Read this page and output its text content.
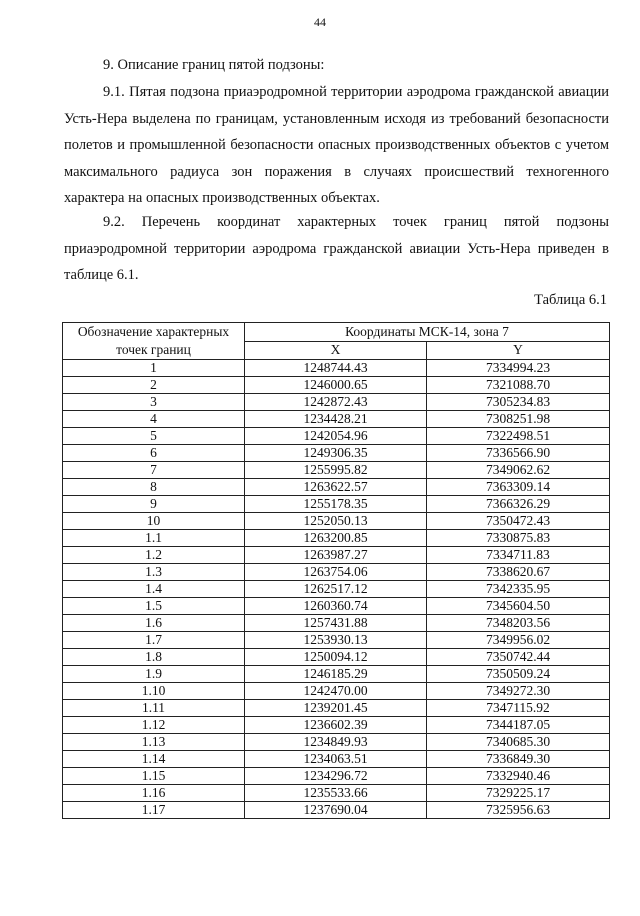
44
9. Описание границ пятой подзоны:
9.1. Пятая подзона приаэродромной территории аэродрома гражданской авиации Усть-Нера выделена по границам, установленным исходя из требований безопасности полетов и промышленной безопасности опасных производственных объектов с учетом максимального радиуса зон поражения в случаях происшествий техногенного характера на опасных производственных объектах.
9.2. Перечень координат характерных точек границ пятой подзоны приаэродромной территории аэродрома гражданской авиации Усть-Нера приведен в таблице 6.1.
Таблица 6.1
Обозначение характерных точек границ	Координаты МСК-14, зона 7	
	X	Y
1	1248744.43	7334994.23
2	1246000.65	7321088.70
3	1242872.43	7305234.83
4	1234428.21	7308251.98
5	1242054.96	7322498.51
6	1249306.35	7336566.90
7	1255995.82	7349062.62
8	1263622.57	7363309.14
9	1255178.35	7366326.29
10	1252050.13	7350472.43
1.1	1263200.85	7330875.83
1.2	1263987.27	7334711.83
1.3	1263754.06	7338620.67
1.4	1262517.12	7342335.95
1.5	1260360.74	7345604.50
1.6	1257431.88	7348203.56
1.7	1253930.13	7349956.02
1.8	1250094.12	7350742.44
1.9	1246185.29	7350509.24
1.10	1242470.00	7349272.30
1.11	1239201.45	7347115.92
1.12	1236602.39	7344187.05
1.13	1234849.93	7340685.30
1.14	1234063.51	7336849.30
1.15	1234296.72	7332940.46
1.16	1235533.66	7329225.17
1.17	1237690.04	7325956.63
